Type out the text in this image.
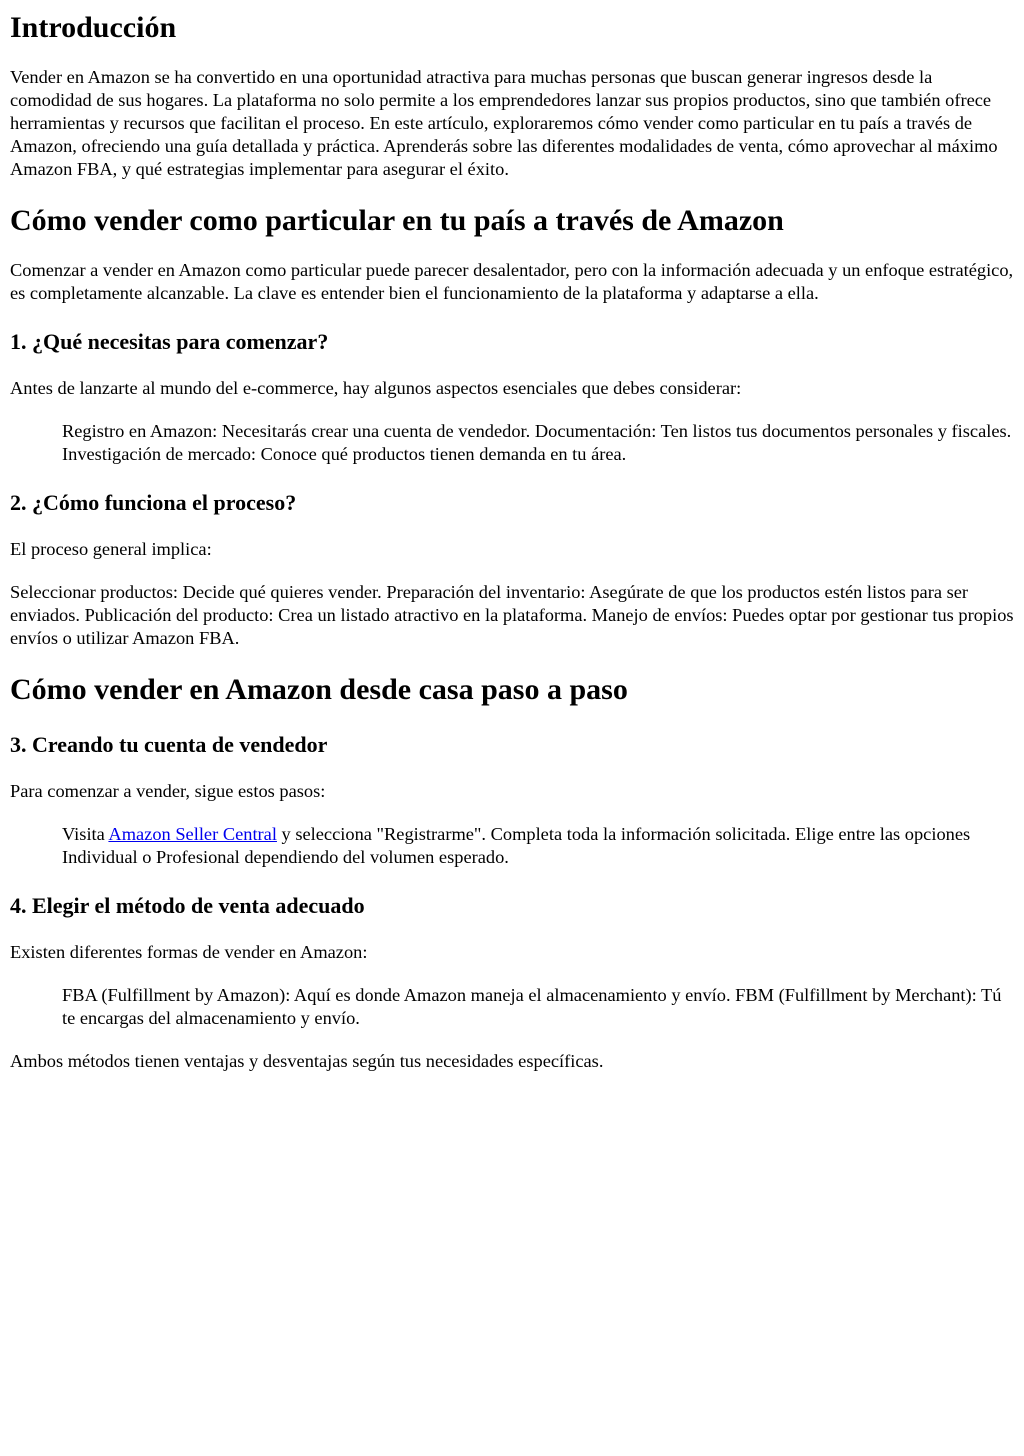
Introducción

Vender en Amazon se ha convertido en una oportunidad atractiva para muchas personas que buscan generar ingresos desde la comodidad de sus hogares. La plataforma no solo permite a los emprendedores lanzar sus propios productos, sino que también ofrece herramientas y recursos que facilitan el proceso. En este artículo, exploraremos cómo vender como particular en tu país a través de Amazon, ofreciendo una guía detallada y práctica. Aprenderás sobre las diferentes modalidades de venta, cómo aprovechar al máximo Amazon FBA, y qué estrategias implementar para asegurar el éxito.

Cómo vender como particular en tu país a través de Amazon

Comenzar a vender en Amazon como particular puede parecer desalentador, pero con la información adecuada y un enfoque estratégico, es completamente alcanzable. La clave es entender bien el funcionamiento de la plataforma y adaptarse a ella.

1. ¿Qué necesitas para comenzar?

Antes de lanzarte al mundo del e-commerce, hay algunos aspectos esenciales que debes considerar:

Registro en Amazon: Necesitarás crear una cuenta de vendedor. Documentación: Ten listos tus documentos personales y fiscales. Investigación de mercado: Conoce qué productos tienen demanda en tu área.
2. ¿Cómo funciona el proceso?

El proceso general implica:

Seleccionar productos: Decide qué quieres vender. Preparación del inventario: Asegúrate de que los productos estén listos para ser enviados. Publicación del producto: Crea un listado atractivo en la plataforma. Manejo de envíos: Puedes optar por gestionar tus propios envíos o utilizar Amazon FBA.

Cómo vender en Amazon desde casa paso a paso
3. Creando tu cuenta de vendedor

Para comenzar a vender, sigue estos pasos:

Visita Amazon Seller Central y selecciona "Registrarme". Completa toda la información solicitada. Elige entre las opciones Individual o Profesional dependiendo del volumen esperado.
4. Elegir el método de venta adecuado

Existen diferentes formas de vender en Amazon:

FBA (Fulfillment by Amazon): Aquí es donde Amazon maneja el almacenamiento y envío. FBM (Fulfillment by Merchant): Tú te encargas del almacenamiento y envío.

Ambos métodos tienen ventajas y desventajas según tus necesidades específicas.
